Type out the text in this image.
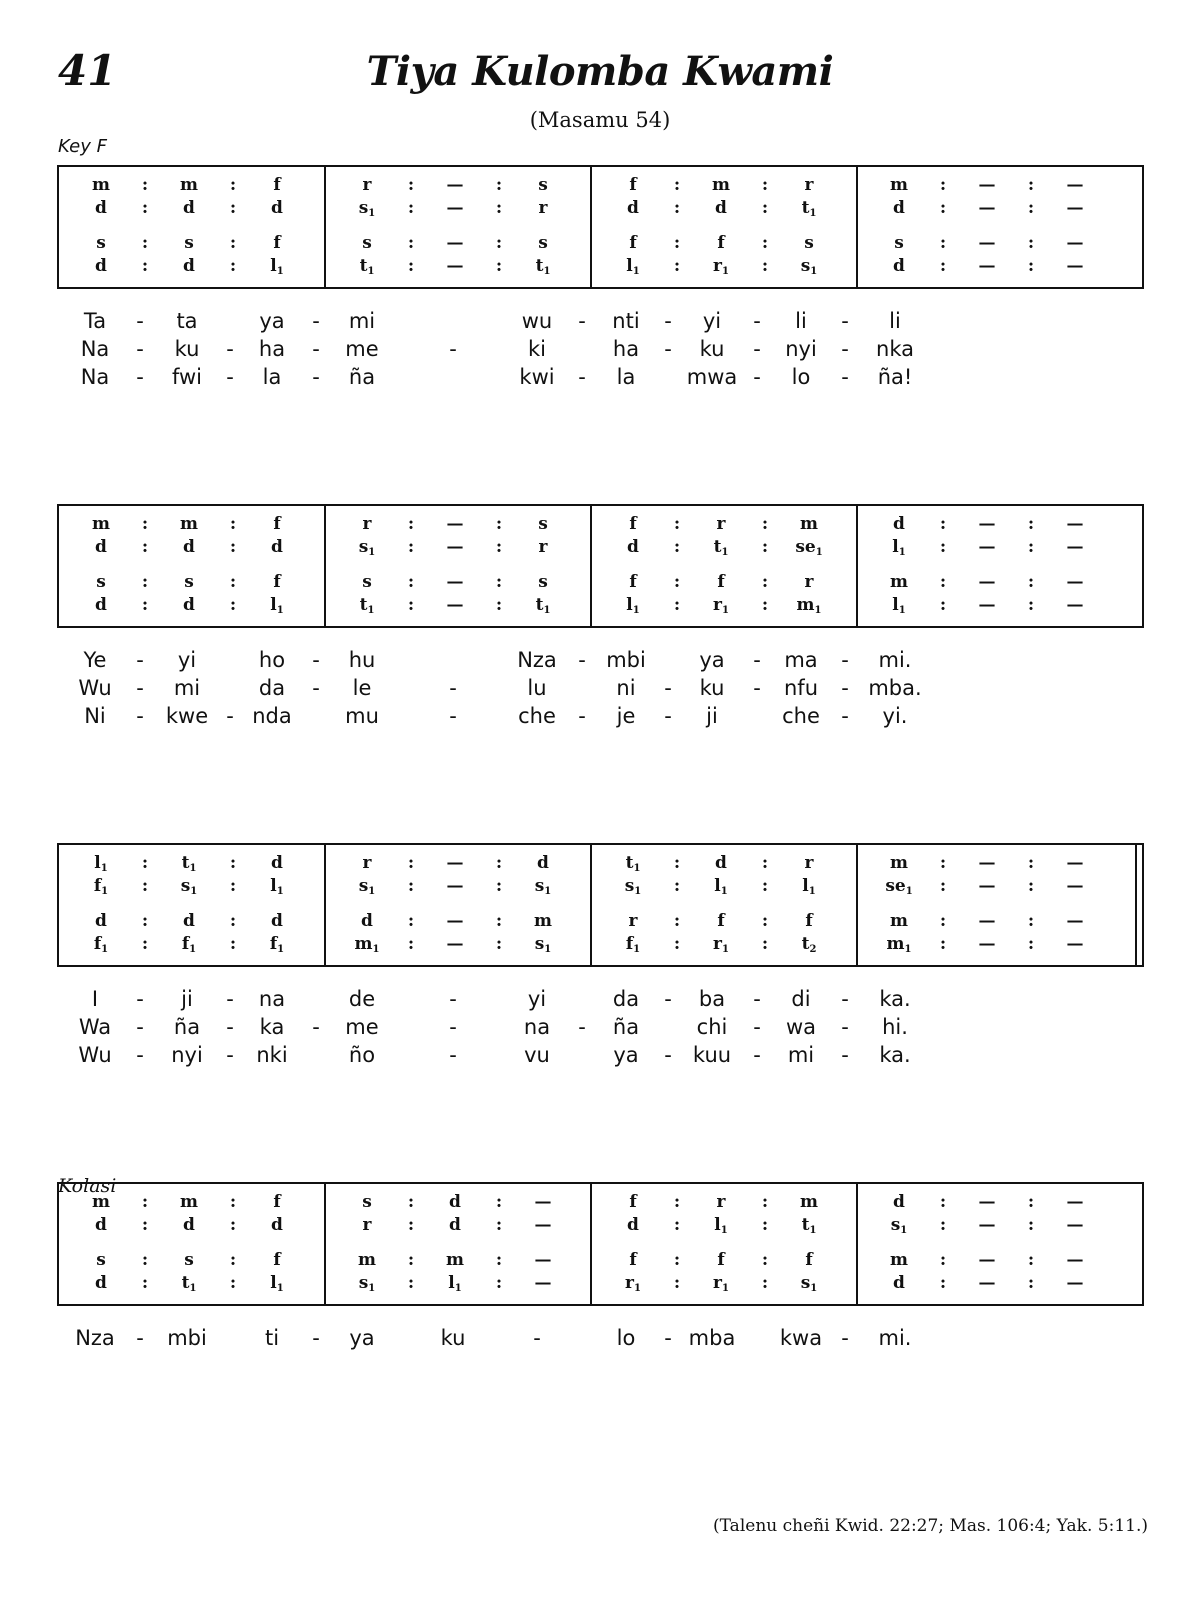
41	Tiya Kulomba Kwami
(Masamu 54)
Key F
Kolasi
m : m : f	r : — : s	f : m : r	m : — : —
d : d : d	$s_1$ : — : r	d : d : $t_1$	d : — : —
s : s : f	s : — : s	f : f : s	s : — : —
d : d : $l_1$	$t_1$ : — : $t_1$	$l_1$ : $r_1$ : $s_1$	d : — : —
Ta - ta	ya - mi	wu - nti - yi - li - li
Na - ku - ha - me	-	ki	ha - ku - nyi - nka
Na - fwi - la - ña	kwi - la mwa - lo - ña!
m : m : f	r : — : s	f : r : m	d : — : —
d : d : d	$s_1$ : — : r	d : $t_1$ : $se_1$	$l_1$ : — : —
s : s : f	s : — : s	f : f : r	m : — : —
d : d : $l_1$	$t_1$ : — : $t_1$	$l_1$ : $r_1$ : $m_1$	$l_1$ : — : —
Ye - yi	ho - hu	Nza - mbi	ya - ma - mi.
Wu - mi	da - le	-	lu	ni - ku - nfu - mba.
Ni - kwe - nda	mu	-	che - je - ji	che - yi.
$l_1$ : $t_1$ : d	r : — : d	$t_1$ : d : r	m : — : —
$f_1$ : $s_1$ : $l_1$	$s_1$ : — : $s_1$	$s_1$ : $l_1$ : $l_1$	$se_1$ : — : —
d : d : d	d : — : m	r : f : f	m : — : —
$f_1$ : $f_1$ : $f_1$	$m_1$ : — : $s_1$	$f_1$ : $r_1$ : $t_2$	$m_1$ : — : —
I - ji - na	de	-	yi	da - ba - di - ka.
Wa - ña - ka - me	-	na - ña	chi - wa - hi.
Wu - nyi - nki	ño	-	vu	ya - kuu - mi - ka.
m : m : f	s : d : —	f : r : m	d : — : —
d : d : d	r : d : —	d : $l_1$ : $t_1$	$s_1$ : — : —
s : s : f	m : m : —	f : f : f	m : — : —
d : $t_1$ : $l_1$	$s_1$ : $l_1$ : —	$r_1$ : $r_1$ : $s_1$	d : — : —
Nza - mbi	ti - ya	ku	-	lo - mba kwa - mi.
(Talenu cheñi Kwid. 22:27; Mas. 106:4; Yak. 5:11.)
